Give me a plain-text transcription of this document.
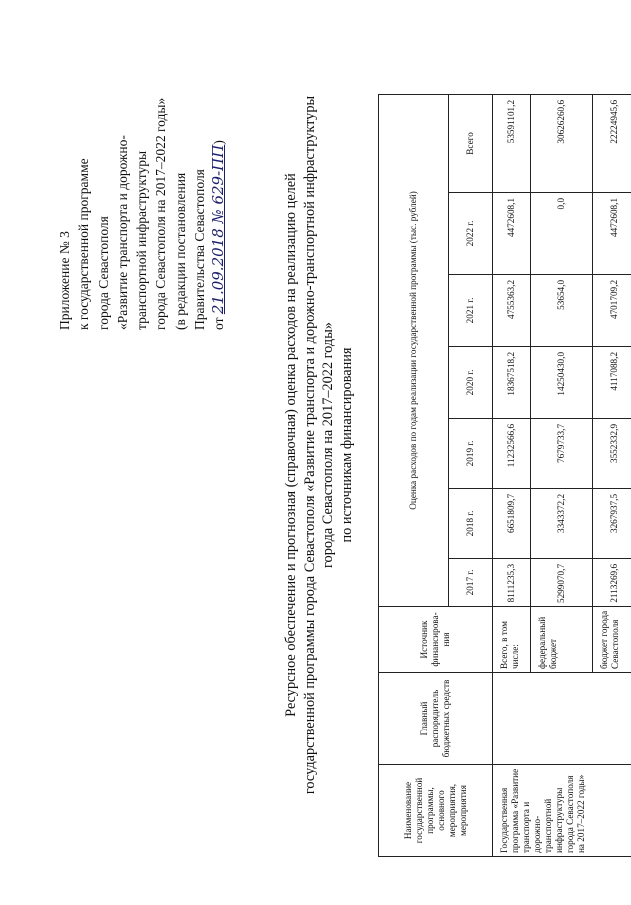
Приложение № 3 к государственной программе города Севастополя «Развитие транспорта и дорожно- транспортной инфраструктуры города Севастополя на 2017–2022 годы» (в редакции постановления Правительства Севастополя от 21.09.2018 № 629-ПП)
Ресурсное обеспечение и прогнозная (справочная) оценка расходов на реализацию целей государственной программы города Севастополя «Развитие транспорта и дорожно-транспортной инфраструктуры города Севастополя на 2017–2022 годы» по источникам финансирования
Наименование государственной программы, основного мероприятия, мероприятия	Главный распорядитель бюджетных средств	Источник финансирова-ния	Оценка расходов по годам реализации государственной программы (тыс. рублей)						
			2017 г.	2018 г.	2019 г.	2020 г.	2021 г.	2022 г.	Всего
Государственная программа «Развитие транспорта и дорожно-транспортной инфраструктуры города Севастополя на 2017–2022 годы»		Всего, в том числе:	8111235,3	6651809,7	11232566,6	18367518,2	4755363,2	4472608,1	53591101,2
		федеральный бюджет	5299070,7	3343372,2	7679733,7	14250430,0	53654,0	0,0	30626260,6
		бюджет города Севастополя	2113269,6	3267937,5	3552332,9	4117088,2	4701709,2	4472608,1	22224945,6
